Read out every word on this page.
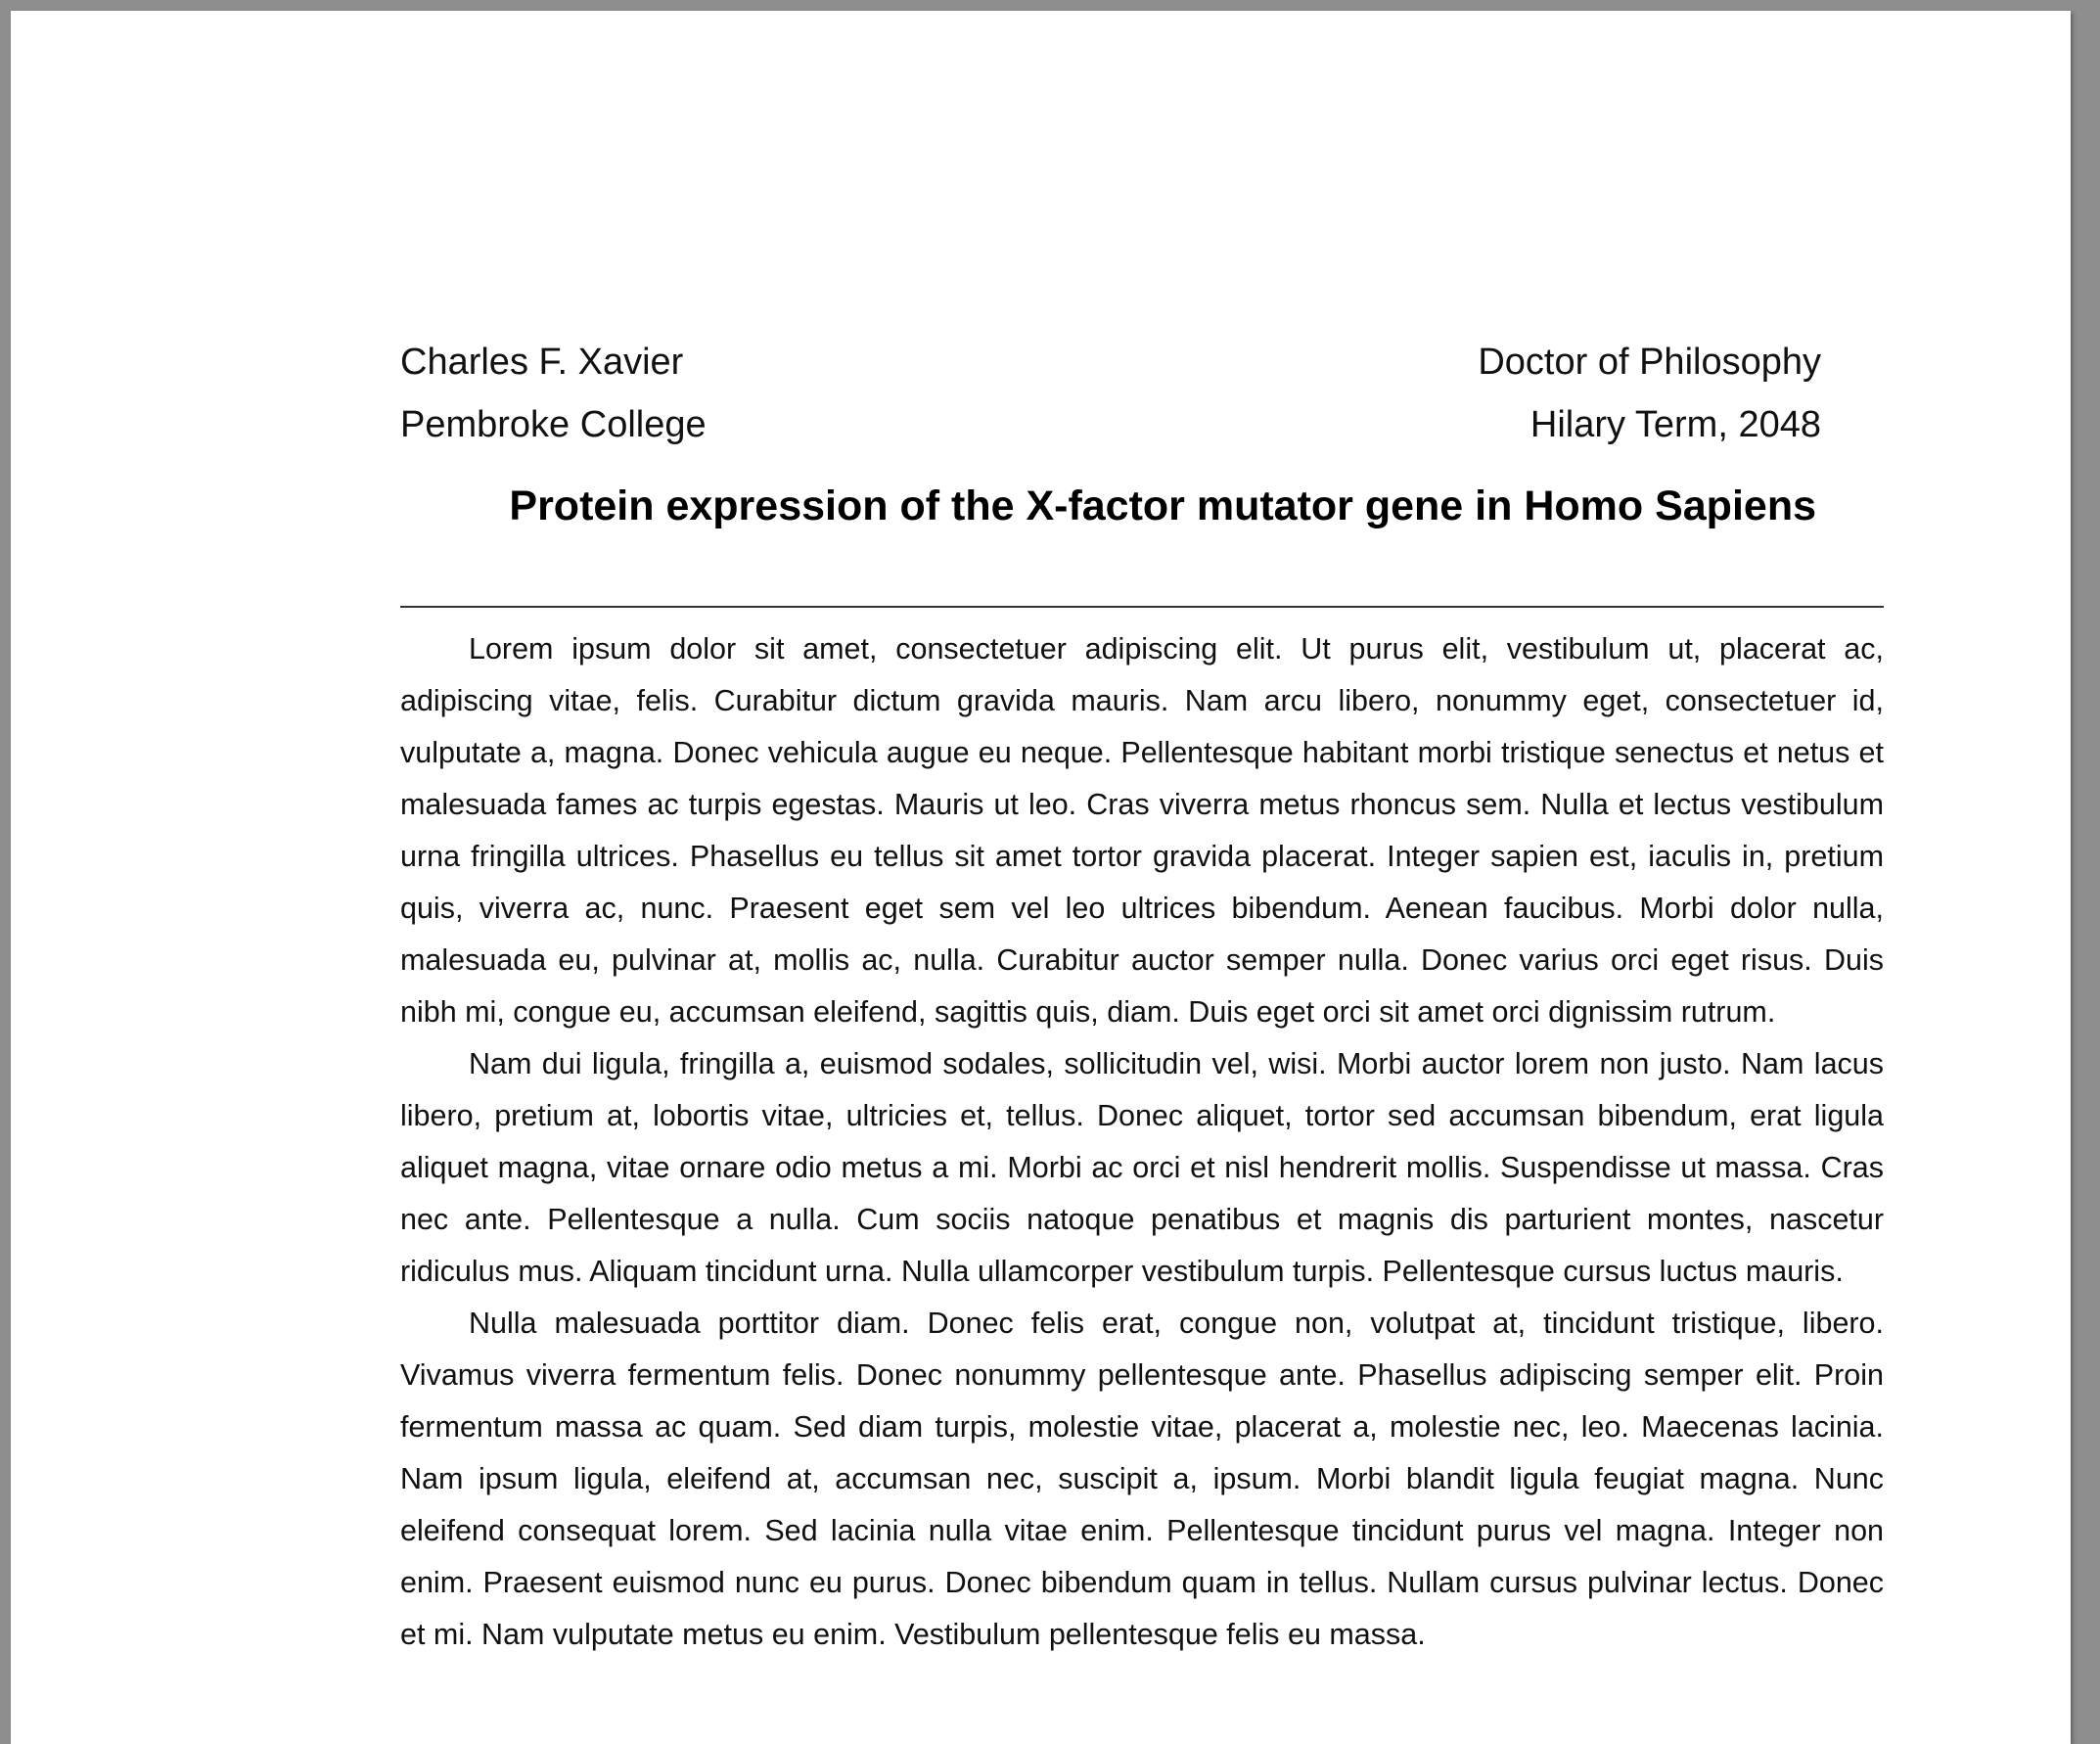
Charles F. Xavier
Pembroke College
Doctor of Philosophy
Hilary Term, 2048
Protein expression of the X-factor mutator gene in Homo Sapiens

Lorem ipsum dolor sit amet, consectetuer adipiscing elit. Ut purus elit, vestibulum ut, placerat ac, adipiscing vitae, felis. Curabitur dictum gravida mauris. Nam arcu libero, nonummy eget, consectetuer id, vulputate a, magna. Donec vehicula augue eu neque. Pellentesque habitant morbi tristique senectus et netus et malesuada fames ac turpis egestas. Mauris ut leo. Cras viverra metus rhoncus sem. Nulla et lectus vestibulum urna fringilla ultrices. Phasellus eu tellus sit amet tortor gravida placerat. Integer sapien est, iaculis in, pretium quis, viverra ac, nunc. Praesent eget sem vel leo ultrices bibendum. Aenean faucibus. Morbi dolor nulla, malesuada eu, pulvinar at, mollis ac, nulla. Curabitur auctor semper nulla. Donec varius orci eget risus. Duis nibh mi, congue eu, accumsan eleifend, sagittis quis, diam. Duis eget orci sit amet orci dignissim rutrum.

Nam dui ligula, fringilla a, euismod sodales, sollicitudin vel, wisi. Morbi auctor lorem non justo. Nam lacus libero, pretium at, lobortis vitae, ultricies et, tellus. Donec aliquet, tortor sed accumsan bibendum, erat ligula aliquet magna, vitae ornare odio metus a mi. Morbi ac orci et nisl hendrerit mollis. Suspendisse ut massa. Cras nec ante. Pellentesque a nulla. Cum sociis natoque penatibus et magnis dis parturient montes, nascetur ridiculus mus. Aliquam tincidunt urna. Nulla ullamcorper vestibulum turpis. Pellentesque cursus luctus mauris.

Nulla malesuada porttitor diam. Donec felis erat, congue non, volutpat at, tincidunt tristique, libero. Vivamus viverra fermentum felis. Donec nonummy pellentesque ante. Phasellus adipiscing semper elit. Proin fermentum massa ac quam. Sed diam turpis, molestie vitae, placerat a, molestie nec, leo. Maecenas lacinia. Nam ipsum ligula, eleifend at, accumsan nec, suscipit a, ipsum. Morbi blandit ligula feugiat magna. Nunc eleifend consequat lorem. Sed lacinia nulla vitae enim. Pellentesque tincidunt purus vel magna. Integer non enim. Praesent euismod nunc eu purus. Donec bibendum quam in tellus. Nullam cursus pulvinar lectus. Donec et mi. Nam vulputate metus eu enim. Vestibulum pellentesque felis eu massa.
